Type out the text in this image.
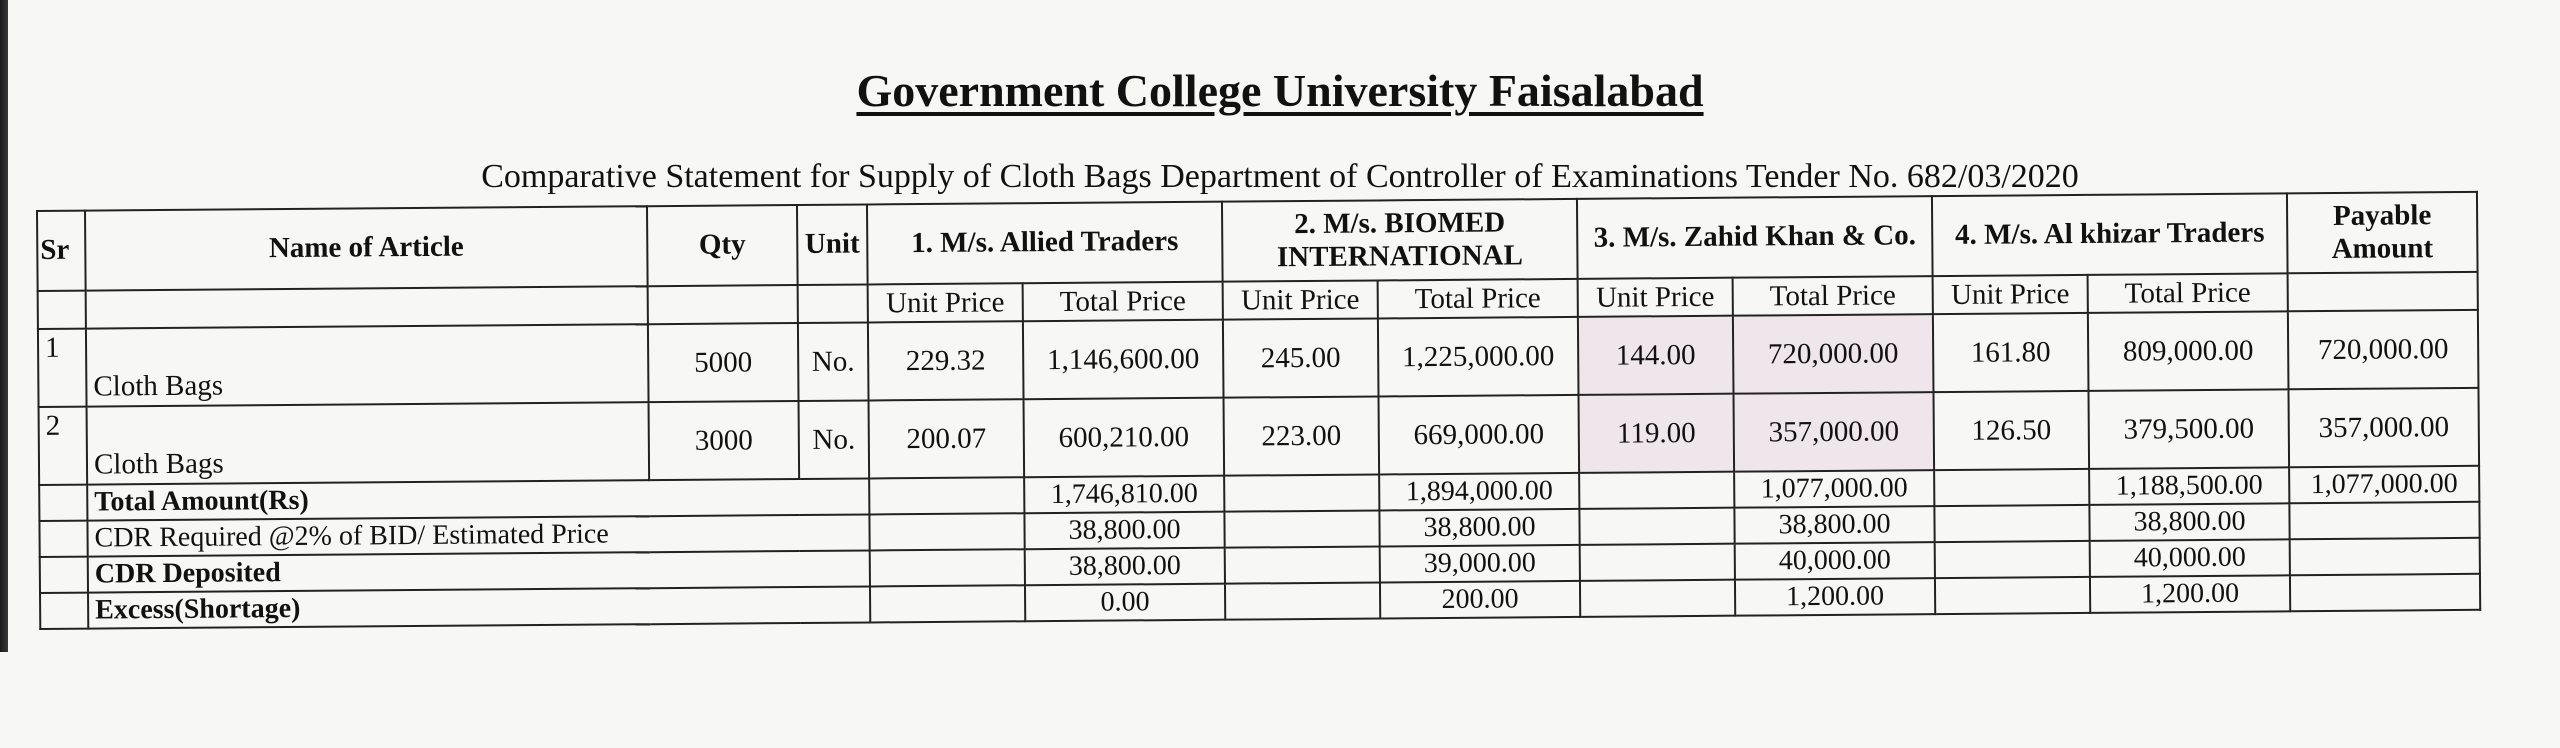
Government College University Faisalabad
Comparative Statement for Supply of Cloth Bags Department of Controller of Examinations Tender No. 682/03/2020
Sr	Name of Article	Qty	Unit	1. M/s. Allied Traders		2. M/s. BIOMED INTERNATIONAL		3. M/s. Zahid Khan & Co.		4. M/s. Al khizar Traders		Payable Amount
				Unit Price	Total Price	Unit Price	Total Price	Unit Price	Total Price	Unit Price	Total Price	
1	Cloth Bags	5000	No.	229.32	1,146,600.00	245.00	1,225,000.00	144.00	720,000.00	161.80	809,000.00	720,000.00
2	Cloth Bags	3000	No.	200.07	600,210.00	223.00	669,000.00	119.00	357,000.00	126.50	379,500.00	357,000.00
	Total Amount(Rs)				1,746,810.00		1,894,000.00		1,077,000.00		1,188,500.00	1,077,000.00
	CDR Required @2% of BID/ Estimated Price				38,800.00		38,800.00		38,800.00		38,800.00	
	CDR Deposited				38,800.00		39,000.00		40,000.00		40,000.00	
	Excess(Shortage)				0.00		200.00		1,200.00		1,200.00	
